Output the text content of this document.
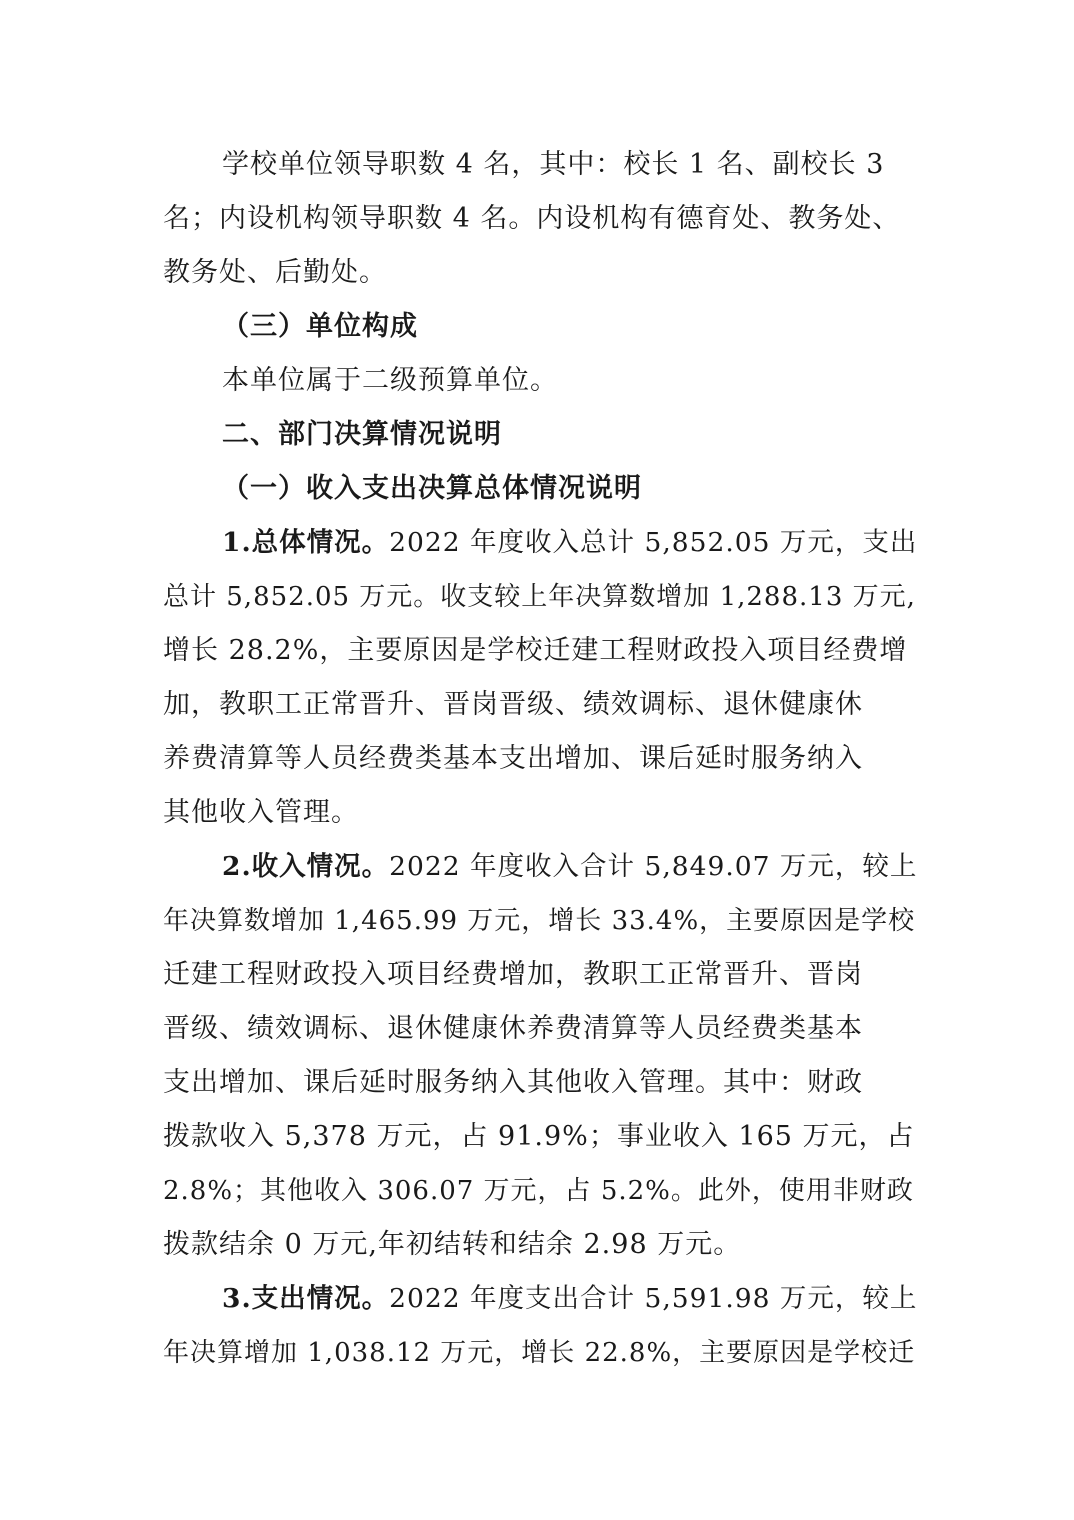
学校单位领导职数 4 名，其中：校长 1 名、副校长 3
名；内设机构领导职数 4 名。内设机构有德育处、教务处、
教务处、后勤处。
（三）单位构成
本单位属于二级预算单位。
二、部门决算情况说明
（一）收入支出决算总体情况说明
1.总体情况。2022 年度收入总计 5,852.05 万元，支出
总计 5,852.05 万元。收支较上年决算数增加 1,288.13 万元,
增长 28.2%，主要原因是学校迁建工程财政投入项目经费增
加，教职工正常晋升、晋岗晋级、绩效调标、退休健康休
养费清算等人员经费类基本支出增加、课后延时服务纳入
其他收入管理。
2.收入情况。2022 年度收入合计 5,849.07 万元，较上
年决算数增加 1,465.99 万元，增长 33.4%，主要原因是学校
迁建工程财政投入项目经费增加，教职工正常晋升、晋岗
晋级、绩效调标、退休健康休养费清算等人员经费类基本
支出增加、课后延时服务纳入其他收入管理。其中：财政
拨款收入 5,378 万元，占 91.9%；事业收入 165 万元，占
2.8%；其他收入 306.07 万元，占 5.2%。此外，使用非财政
拨款结余 0 万元,年初结转和结余 2.98 万元。
3.支出情况。2022 年度支出合计 5,591.98 万元，较上
年决算增加 1,038.12 万元，增长 22.8%，主要原因是学校迁
